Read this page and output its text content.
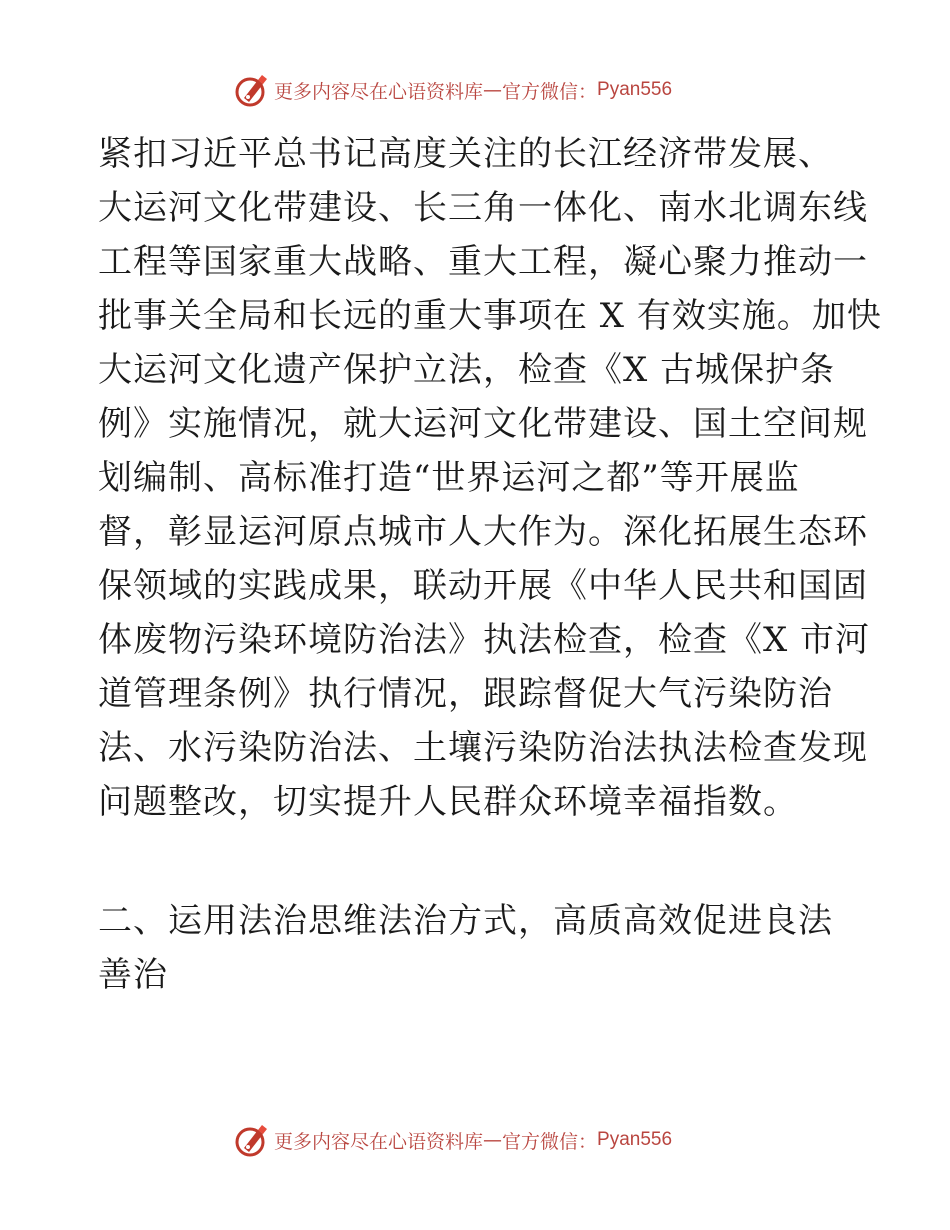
更多内容尽在心语资料库 — 官方微信： Pyan556
紧扣习近平总书记高度关注的长江经济带发展、
大运河文化带建设、长三角一体化、南水北调东线
工程等国家重大战略、重大工程，凝心聚力推动一
批事关全局和长远的重大事项在 X 有效实施。加快
大运河文化遗产保护立法，检查《X 古城保护条
例》实施情况，就大运河文化带建设、国土空间规
划编制、高标准打造“世界运河之都”等开展监
督，彰显运河原点城市人大作为。深化拓展生态环
保领域的实践成果，联动开展《中华人民共和国固
体废物污染环境防治法》执法检查，检查《X 市河
道管理条例》执行情况，跟踪督促大气污染防治
法、水污染防治法、土壤污染防治法执法检查发现
问题整改，切实提升人民群众环境幸福指数。
二、运用法治思维法治方式，高质高效促进良法
善治
更多内容尽在心语资料库 — 官方微信： Pyan556
